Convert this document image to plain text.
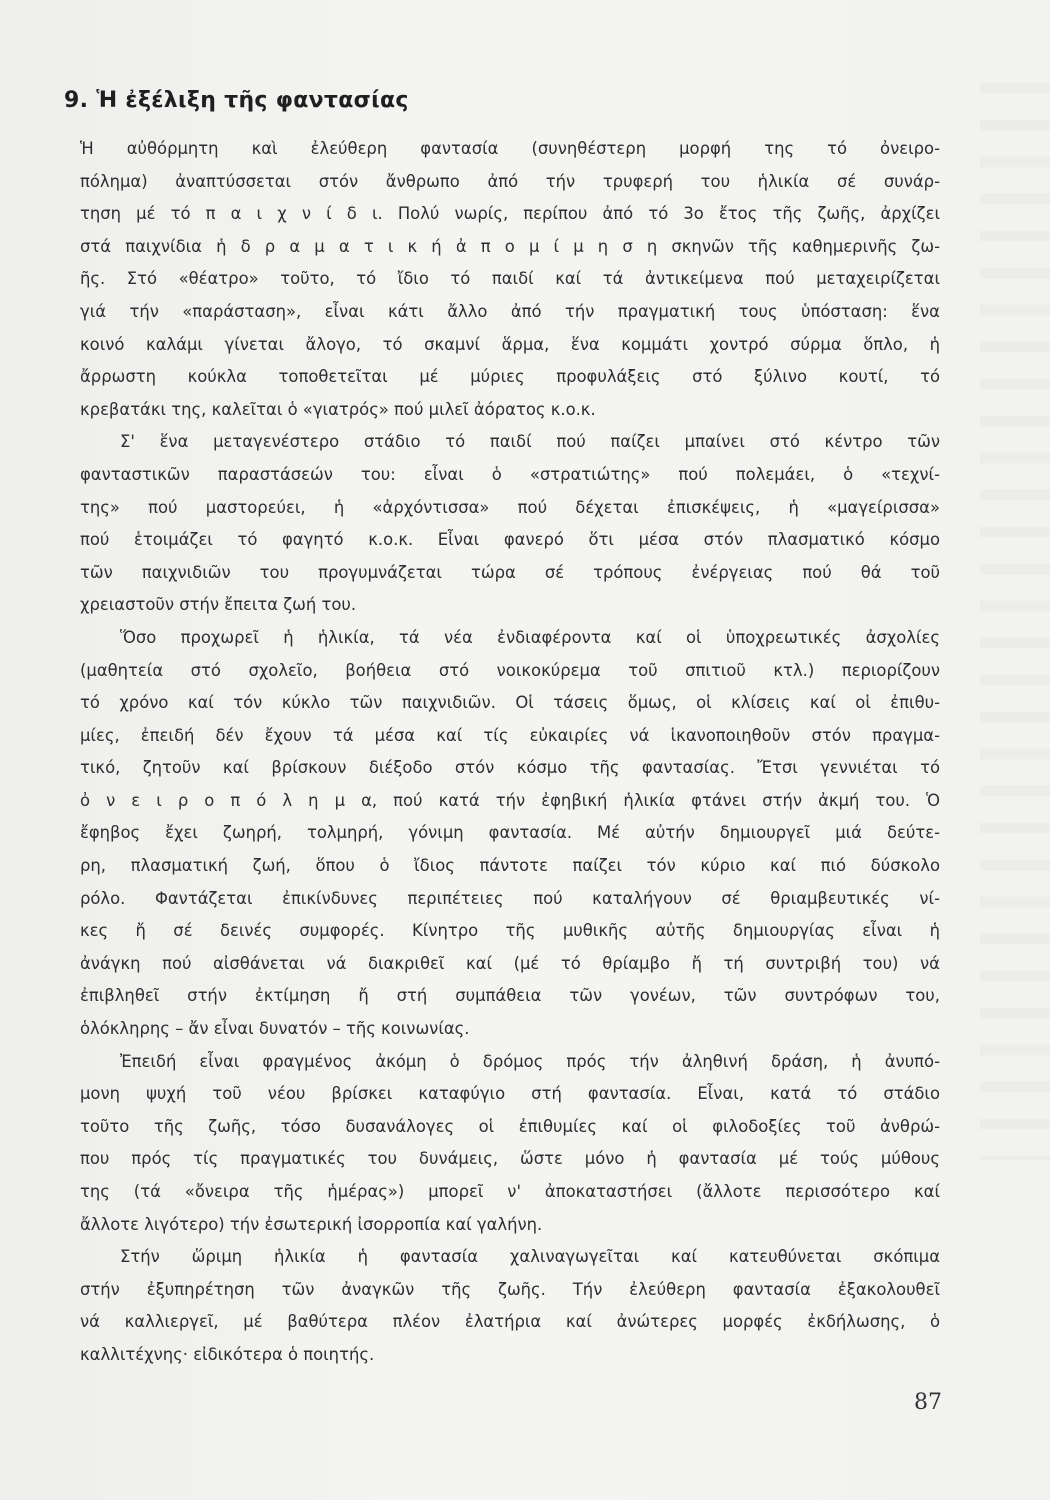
9. Ἡ ἐξέλιξη τῆς φαντασίας
Ἡ αὐθόρμητη καὶ ἐλεύθερη φαντασία (συνηθέστερη μορφή της τό ὀνειρο-
πόλημα) ἀναπτύσσεται στόν ἄνθρωπο ἀπό τήν τρυφερή του ἡλικία σέ συνάρ-
τηση μέ τό π α ι χ ν ί δ ι. Πολύ νωρίς, περίπου ἀπό τό 3ο ἔτος τῆς ζωῆς, ἀρχίζει
στά παιχνίδια ἡ δ ρ α μ α τ ι κ ή ἀ π ο μ ί μ η σ η σκηνῶν τῆς καθημερινῆς ζω-
ῆς. Στό «θέατρο» τοῦτο, τό ἴδιο τό παιδί καί τά ἀντικείμενα πού μεταχειρίζεται
γιά τήν «παράσταση», εἶναι κάτι ἄλλο ἀπό τήν πραγματική τους ὑπόσταση: ἕνα
κοινό καλάμι γίνεται ἄλογο, τό σκαμνί ἅρμα, ἕνα κομμάτι χοντρό σύρμα ὅπλο, ἡ
ἄρρωστη κούκλα τοποθετεῖται μέ μύριες προφυλάξεις στό ξύλινο κουτί, τό
κρεβατάκι της, καλεῖται ὁ «γιατρός» πού μιλεῖ ἀόρατος κ.ο.κ.
Σ' ἕνα μεταγενέστερο στάδιο τό παιδί πού παίζει μπαίνει στό κέντρο τῶν
φανταστικῶν παραστάσεών του: εἶναι ὁ «στρατιώτης» πού πολεμάει, ὁ «τεχνί-
της» πού μαστορεύει, ἡ «ἀρχόντισσα» πού δέχεται ἐπισκέψεις, ἡ «μαγείρισσα»
πού ἑτοιμάζει τό φαγητό κ.ο.κ. Εἶναι φανερό ὅτι μέσα στόν πλασματικό κόσμο
τῶν παιχνιδιῶν του προγυμνάζεται τώρα σέ τρόπους ἐνέργειας πού θά τοῦ
χρειαστοῦν στήν ἔπειτα ζωή του.
Ὅσο προχωρεῖ ἡ ἡλικία, τά νέα ἐνδιαφέροντα καί οἱ ὑποχρεωτικές ἀσχολίες
(μαθητεία στό σχολεῖο, βοήθεια στό νοικοκύρεμα τοῦ σπιτιοῦ κτλ.) περιορίζουν
τό χρόνο καί τόν κύκλο τῶν παιχνιδιῶν. Οἱ τάσεις ὅμως, οἱ κλίσεις καί οἱ ἐπιθυ-
μίες, ἐπειδή δέν ἔχουν τά μέσα καί τίς εὐκαιρίες νά ἱκανοποιηθοῦν στόν πραγμα-
τικό, ζητοῦν καί βρίσκουν διέξοδο στόν κόσμο τῆς φαντασίας. Ἔτσι γεννιέται τό
ὀ ν ε ι ρ ο π ό λ η μ α, πού κατά τήν ἐφηβική ἡλικία φτάνει στήν ἀκμή του. Ὁ
ἔφηβος ἔχει ζωηρή, τολμηρή, γόνιμη φαντασία. Μέ αὐτήν δημιουργεῖ μιά δεύτε-
ρη, πλασματική ζωή, ὅπου ὁ ἴδιος πάντοτε παίζει τόν κύριο καί πιό δύσκολο
ρόλο. Φαντάζεται ἐπικίνδυνες περιπέτειες πού καταλήγουν σέ θριαμβευτικές νί-
κες ἤ σέ δεινές συμφορές. Κίνητρο τῆς μυθικῆς αὐτῆς δημιουργίας εἶναι ἡ
ἀνάγκη πού αἰσθάνεται νά διακριθεῖ καί (μέ τό θρίαμβο ἤ τή συντριβή του) νά
ἐπιβληθεῖ στήν ἐκτίμηση ἤ στή συμπάθεια τῶν γονέων, τῶν συντρόφων του,
ὁλόκληρης – ἄν εἶναι δυνατόν – τῆς κοινωνίας.
Ἐπειδή εἶναι φραγμένος ἀκόμη ὁ δρόμος πρός τήν ἀληθινή δράση, ἡ ἀνυπό-
μονη ψυχή τοῦ νέου βρίσκει καταφύγιο στή φαντασία. Εἶναι, κατά τό στάδιο
τοῦτο τῆς ζωῆς, τόσο δυσανάλογες οἱ ἐπιθυμίες καί οἱ φιλοδοξίες τοῦ ἀνθρώ-
που πρός τίς πραγματικές του δυνάμεις, ὥστε μόνο ἡ φαντασία μέ τούς μύθους
της (τά «ὄνειρα τῆς ἡμέρας») μπορεῖ ν' ἀποκαταστήσει (ἄλλοτε περισσότερο καί
ἄλλοτε λιγότερο) τήν ἐσωτερική ἰσορροπία καί γαλήνη.
Στήν ὥριμη ἡλικία ἡ φαντασία χαλιναγωγεῖται καί κατευθύνεται σκόπιμα
στήν ἐξυπηρέτηση τῶν ἀναγκῶν τῆς ζωῆς. Τήν ἐλεύθερη φαντασία ἐξακολουθεῖ
νά καλλιεργεῖ, μέ βαθύτερα πλέον ἐλατήρια καί ἀνώτερες μορφές ἐκδήλωσης, ὁ
καλλιτέχνης· εἰδικότερα ὁ ποιητής.
87
